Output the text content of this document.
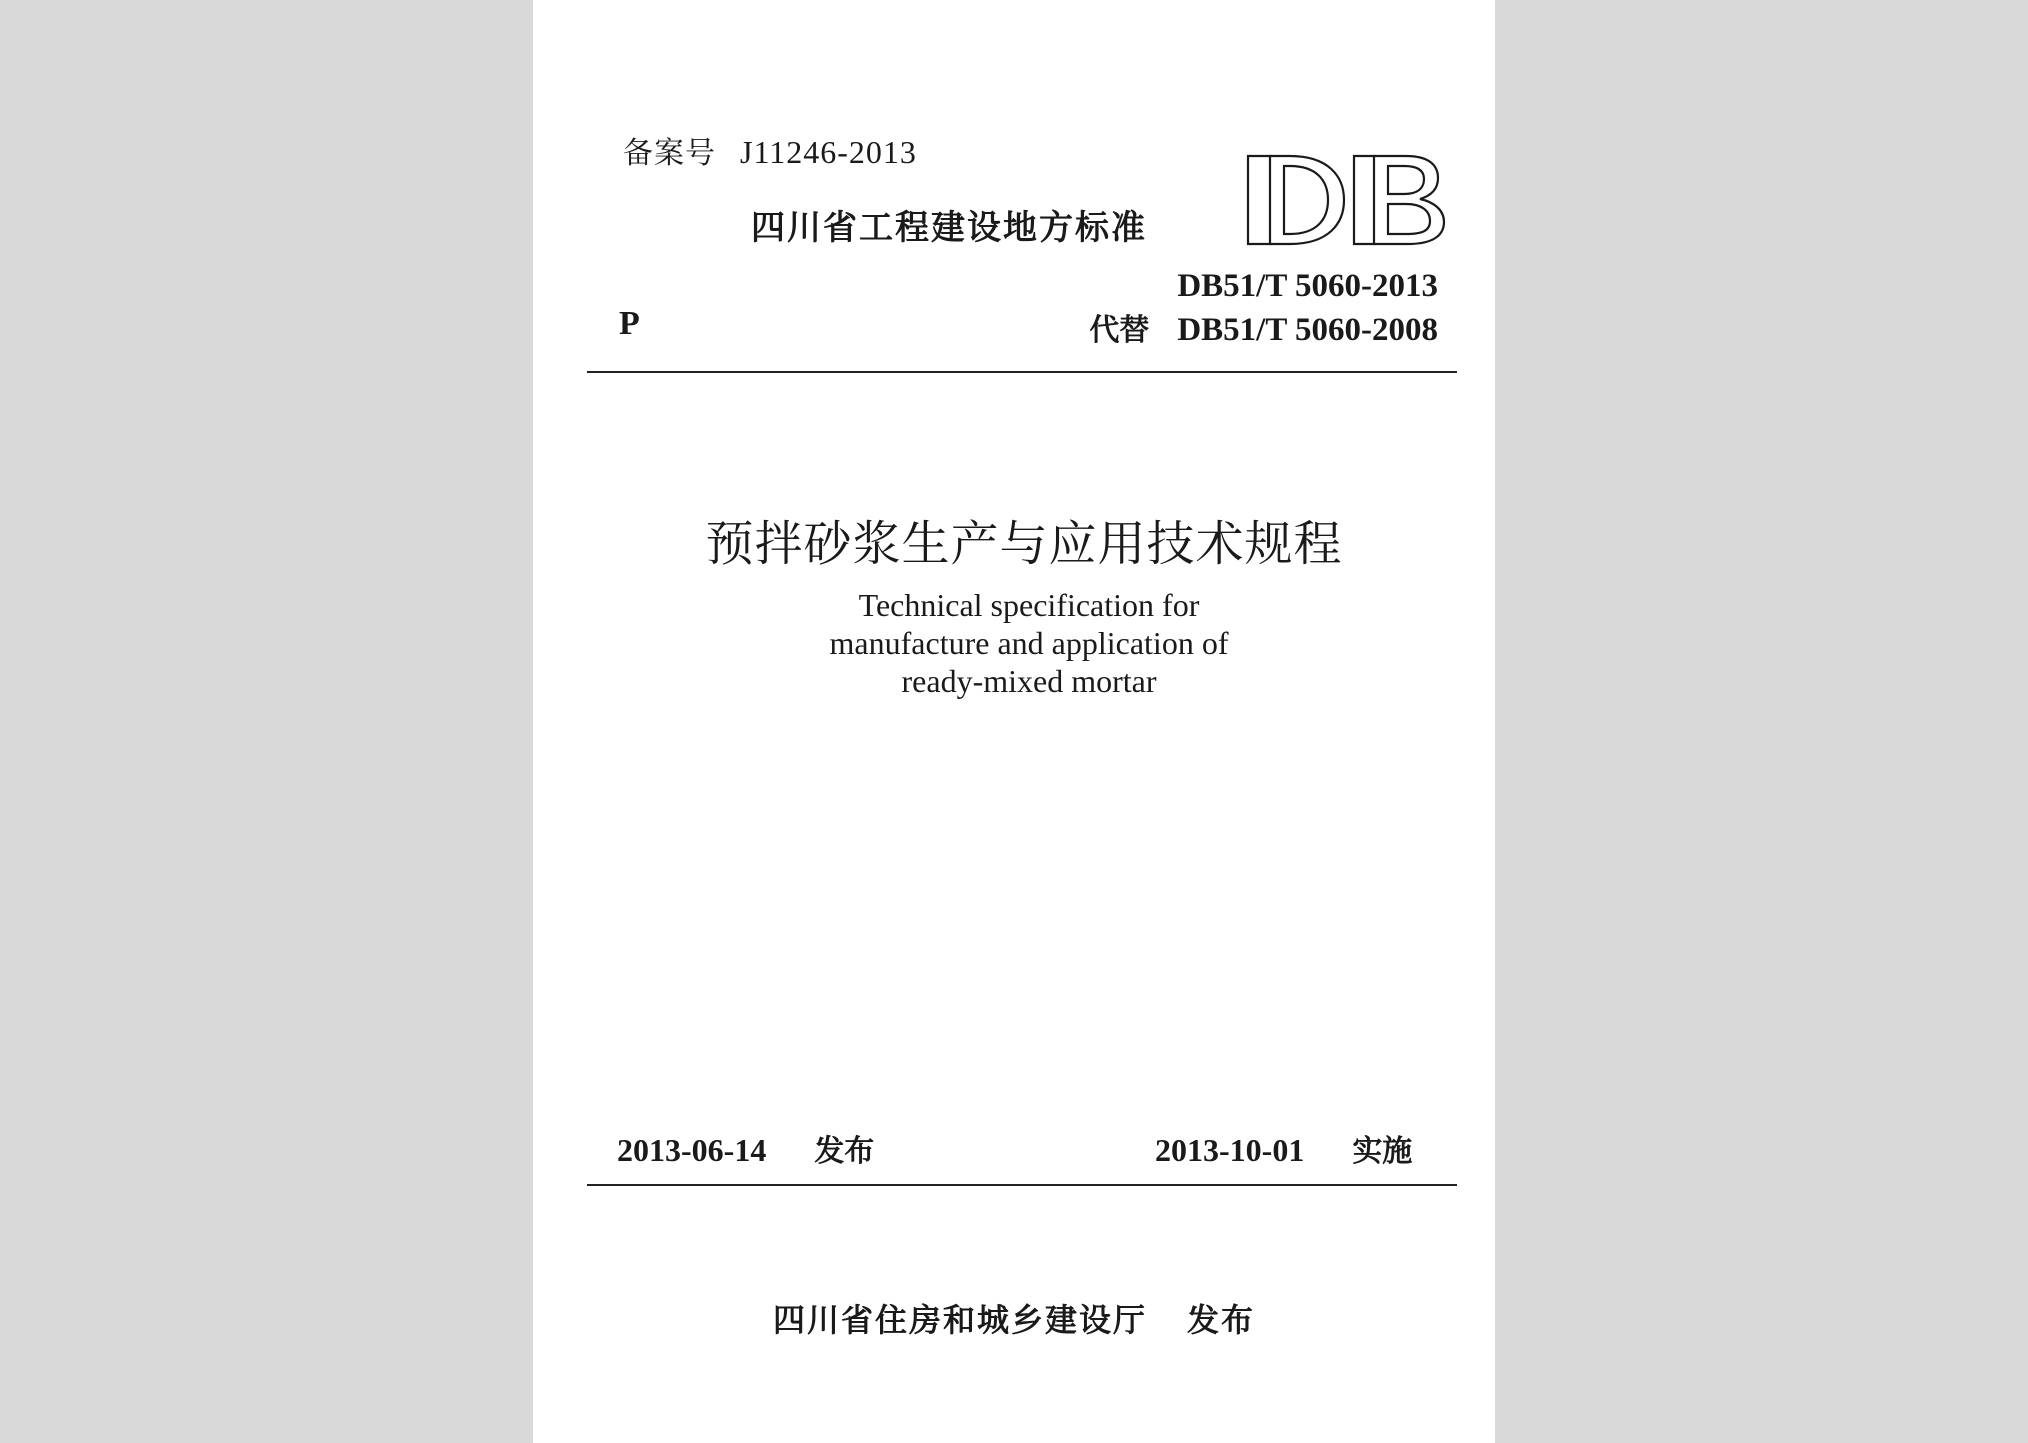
备案号 J11246-2013
四川省工程建设地方标准
DB51/T 5060-2013
P	代替 DB51/T 5060-2008
预拌砂浆生产与应用技术规程
Technical specification for
manufacture and application of
ready-mixed mortar
2013-06-14 发布	2013-10-01 实施
四川省住房和城乡建设厅 发布
